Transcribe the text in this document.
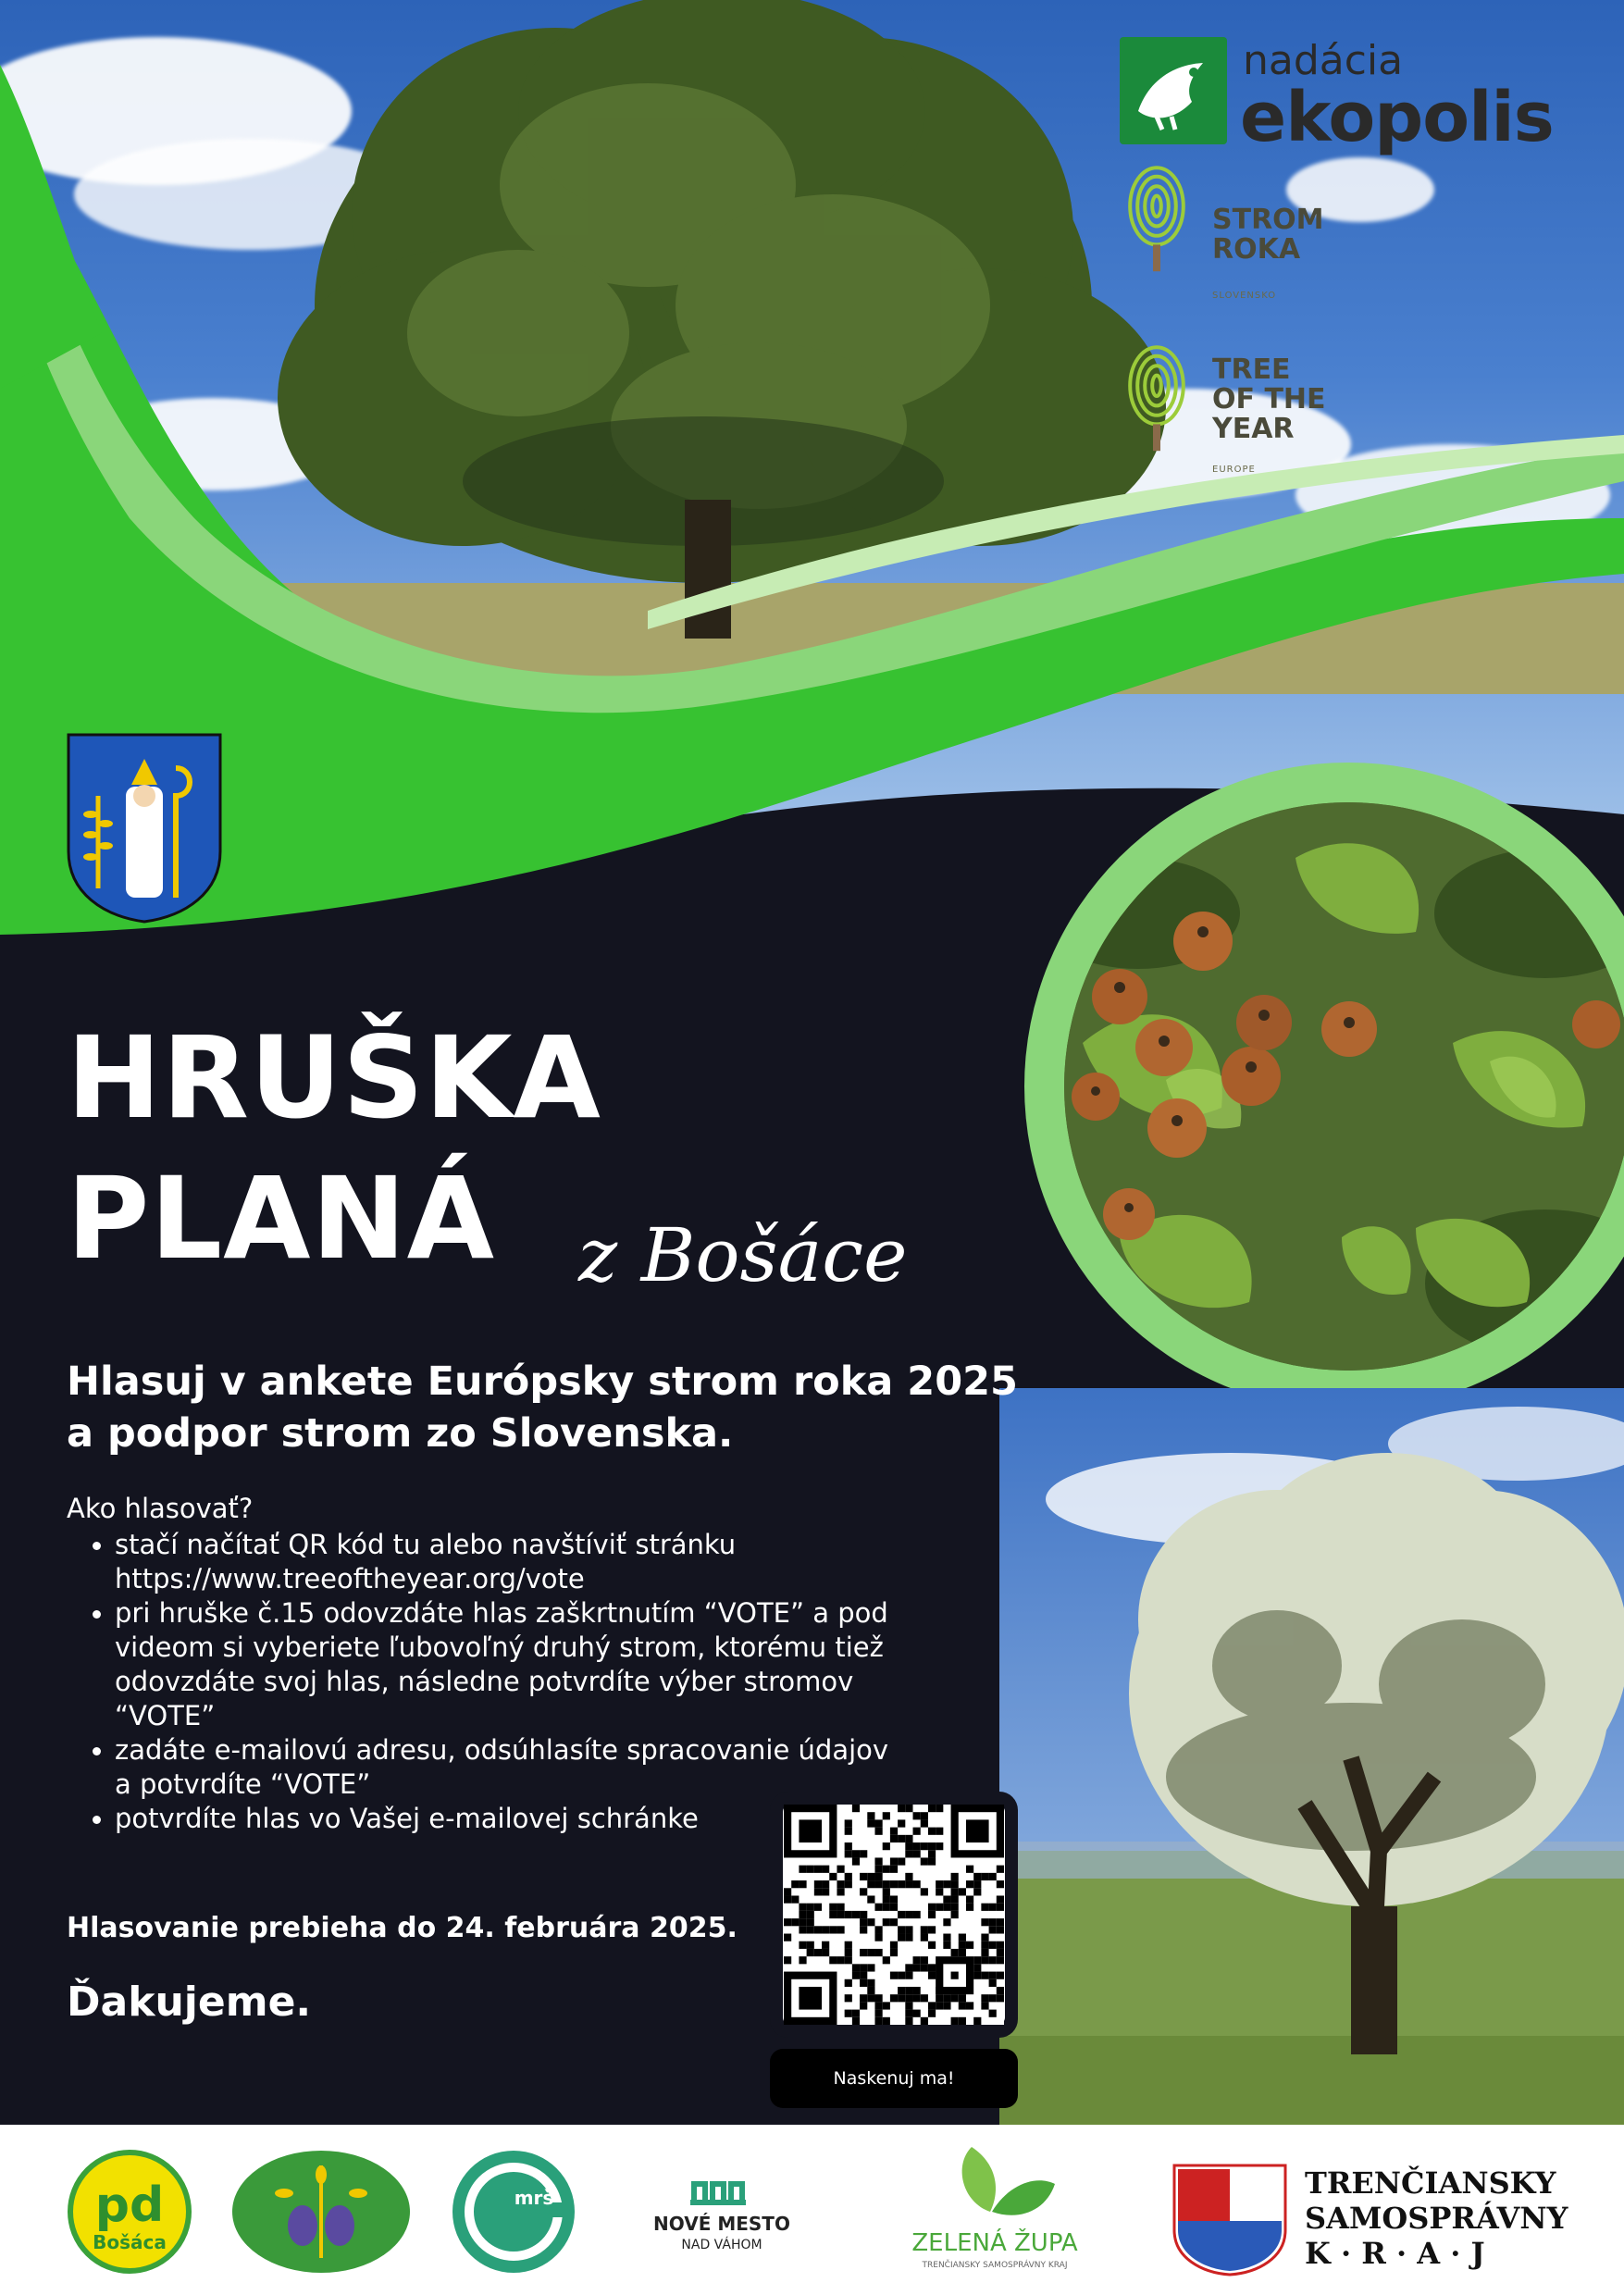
nadácia
ekopolis
STROM
ROKA
SLOVENSKO
TREE
OF THE
YEAR
EUROPE
HRUŠKA
PLANÁ z Bošáce
Hlasuj v ankete Európsky strom roka 2025
a podpor strom zo Slovenska.
Ako hlasovať?
stačí načítať QR kód tu alebo navštíviť stránku https://www.treeoftheyear.org/vote
pri hruške č.15 odovzdáte hlas zaškrtnutím “VOTE” a pod videom si vyberiete ľubovoľný druhý strom, ktorému tiež odovzdáte svoj hlas, následne potvrdíte výber stromov “VOTE”
zadáte e-mailovú adresu, odsúhlasíte spracovanie údajov a potvrdíte “VOTE”
potvrdíte hlas vo Vašej e-mailovej schránke
Hlasovanie prebieha do 24. februára 2025.
Ďakujeme.
Naskenuj ma!
pd
Bošáca
mrš
NOVÉ MESTO
NAD VÁHOM	ZELENÁ ŽUPA
TRENČIANSKY SAMOSPRÁVNY KRAJ
TRENČIANSKY
SAMOSPRÁVNY
K · R · A · J
